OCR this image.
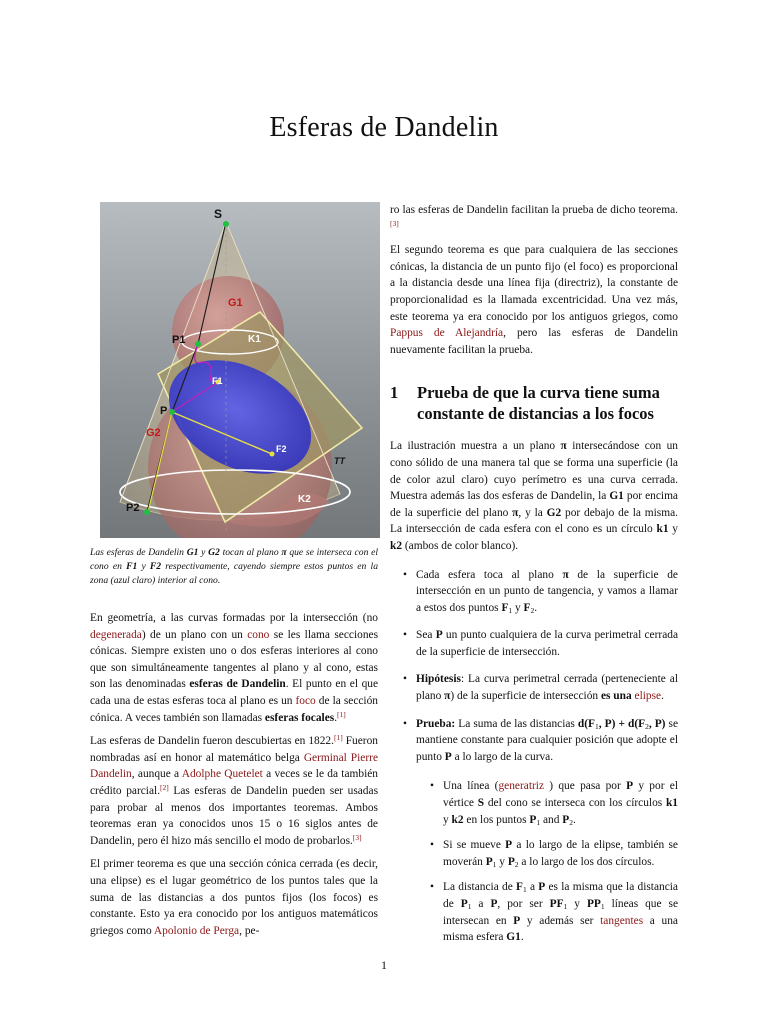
Esferas de Dandelin
S
G1
K1
P1
F1
P
G2
F2
TT
K2
P2
Las esferas de Dandelin G1 y G2 tocan al plano π que se interseca con el cono en F1 y F2 respectivamente, cayendo siempre estos puntos en la zona (azul claro) interior al cono.

En geometría, a las curvas formadas por la intersección (no degenerada) de un plano con un cono se les llama secciones cónicas. Siempre existen uno o dos esferas interiores al cono que son simultáneamente tangentes al plano y al cono, estas son las denominadas esferas de Dandelin. El punto en el que cada una de estas esferas toca al plano es un foco de la sección cónica. A veces también son llamadas esferas focales.[1]

Las esferas de Dandelin fueron descubiertas en 1822.[1] Fueron nombradas así en honor al matemático belga Germinal Pierre Dandelin, aunque a Adolphe Quetelet a veces se le da también crédito parcial.[2] Las esferas de Dandelin pueden ser usadas para probar al menos dos importantes teoremas. Ambos teoremas eran ya conocidos unos 15 o 16 siglos antes de Dandelin, pero él hizo más sencillo el modo de probarlos.[3]

El primer teorema es que una sección cónica cerrada (es decir, una elipse) es el lugar geométrico de los puntos tales que la suma de las distancias a dos puntos fijos (los focos) es constante. Esto ya era conocido por los antiguos matemáticos griegos como Apolonio de Perga, pe-

ro las esferas de Dandelin facilitan la prueba de dicho teorema.[3]

El segundo teorema es que para cualquiera de las secciones cónicas, la distancia de un punto fijo (el foco) es proporcional a la distancia desde una línea fija (directriz), la constante de proporcionalidad es la llamada excentricidad. Una vez más, este teorema ya era conocido por los antiguos griegos, como Pappus de Alejandría, pero las esferas de Dandelin nuevamente facilitan la prueba.

1	Prueba de que la curva tiene suma constante de distancias a los focos

La ilustración muestra a un plano π intersecándose con un cono sólido de una manera tal que se forma una superficie (la de color azul claro) cuyo perímetro es una curva cerrada. Muestra además las dos esferas de Dandelin, la G1 por encima de la superficie del plano π, y la G2 por debajo de la misma. La intersección de cada esfera con el cono es un círculo k1 y k2 (ambos de color blanco).

• Cada esfera toca al plano π de la superficie de intersección en un punto de tangencia, y vamos a llamar a estos dos puntos $F_1$ y $F_2$.
• Sea P un punto cualquiera de la curva perimetral cerrada de la superficie de intersección.
• Hipótesis: La curva perimetral cerrada (perteneciente al plano π) de la superficie de intersección es una elipse.
• Prueba: La suma de las distancias $d(F_1$, $P) + d(F_2$, P) se mantiene constante para cualquier posición que adopte el punto P a lo largo de la curva.
• Una línea (generatriz ) que pasa por P y por el vértice S del cono se interseca con los círculos k1 y k2 en los puntos $P_1$ and $P_2$.
• Si se mueve P a lo largo de la elipse, también se moverán $P_1$ y $P_2$ a lo largo de los dos círculos.
• La distancia de $F_1$ a P es la misma que la distancia de $P_1$ a P, por ser $PF_1$ y $PP_1$ líneas que se intersecan en P y además ser tangentes a una misma esfera G1.
1
